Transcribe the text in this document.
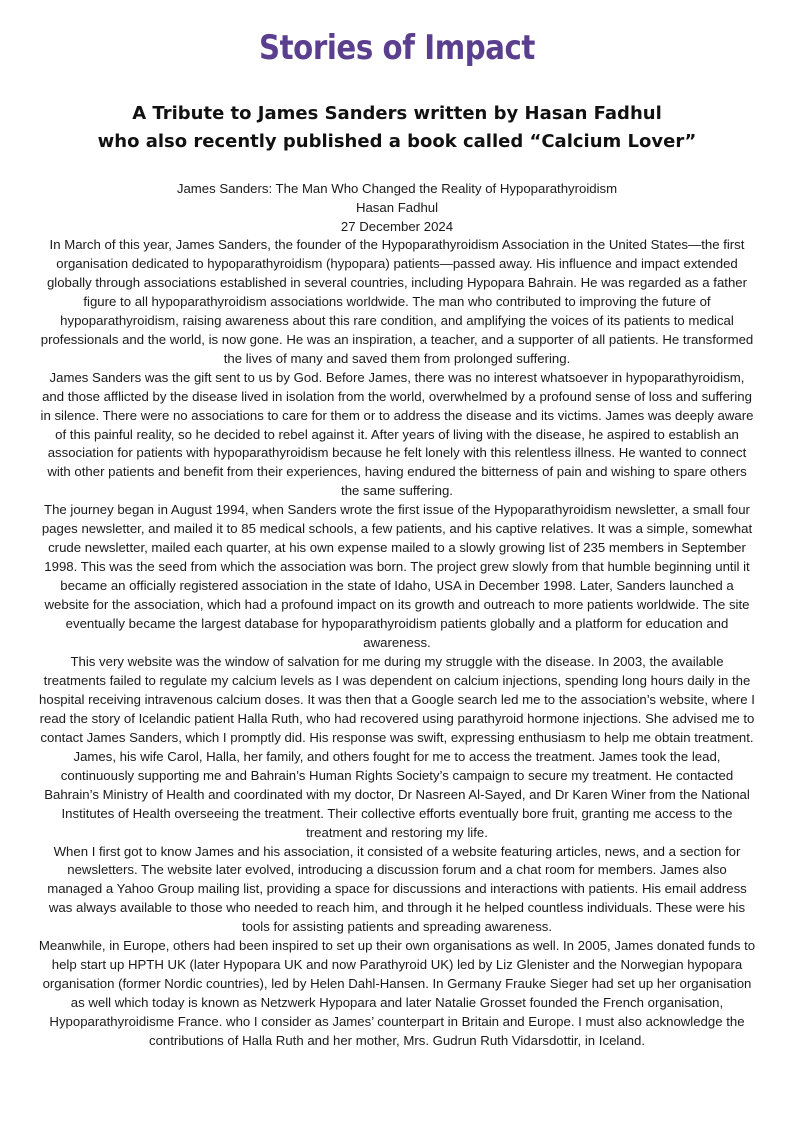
Stories of Impact
A Tribute to James Sanders written by Hasan Fadhul
who also recently published a book called “Calcium Lover”
James Sanders: The Man Who Changed the Reality of Hypoparathyroidism
Hasan Fadhul
27 December 2024

In March of this year, James Sanders, the founder of the Hypoparathyroidism Association in the United States—the first organisation dedicated to hypoparathyroidism (hypopara) patients—passed away. His influence and impact extended globally through associations established in several countries, including Hypopara Bahrain. He was regarded as a father figure to all hypoparathyroidism associations worldwide. The man who contributed to improving the future of hypoparathyroidism, raising awareness about this rare condition, and amplifying the voices of its patients to medical professionals and the world, is now gone. He was an inspiration, a teacher, and a supporter of all patients. He transformed the lives of many and saved them from prolonged suffering.

James Sanders was the gift sent to us by God. Before James, there was no interest whatsoever in hypoparathyroidism, and those afflicted by the disease lived in isolation from the world, overwhelmed by a profound sense of loss and suffering in silence. There were no associations to care for them or to address the disease and its victims. James was deeply aware of this painful reality, so he decided to rebel against it. After years of living with the disease, he aspired to establish an association for patients with hypoparathyroidism because he felt lonely with this relentless illness. He wanted to connect with other patients and benefit from their experiences, having endured the bitterness of pain and wishing to spare others the same suffering.

The journey began in August 1994, when Sanders wrote the first issue of the Hypoparathyroidism newsletter, a small four pages newsletter, and mailed it to 85 medical schools, a few patients, and his captive relatives. It was a simple, somewhat crude newsletter, mailed each quarter, at his own expense mailed to a slowly growing list of 235 members in September 1998. This was the seed from which the association was born. The project grew slowly from that humble beginning until it became an officially registered association in the state of Idaho, USA in December 1998. Later, Sanders launched a website for the association, which had a profound impact on its growth and outreach to more patients worldwide. The site eventually became the largest database for hypoparathyroidism patients globally and a platform for education and awareness.

This very website was the window of salvation for me during my struggle with the disease. In 2003, the available treatments failed to regulate my calcium levels as I was dependent on calcium injections, spending long hours daily in the hospital receiving intravenous calcium doses. It was then that a Google search led me to the association’s website, where I read the story of Icelandic patient Halla Ruth, who had recovered using parathyroid hormone injections. She advised me to contact James Sanders, which I promptly did. His response was swift, expressing enthusiasm to help me obtain treatment. James, his wife Carol, Halla, her family, and others fought for me to access the treatment. James took the lead, continuously supporting me and Bahrain’s Human Rights Society’s campaign to secure my treatment. He contacted Bahrain’s Ministry of Health and coordinated with my doctor, Dr Nasreen Al-Sayed, and Dr Karen Winer from the National Institutes of Health overseeing the treatment. Their collective efforts eventually bore fruit, granting me access to the treatment and restoring my life.

When I first got to know James and his association, it consisted of a website featuring articles, news, and a section for newsletters. The website later evolved, introducing a discussion forum and a chat room for members. James also managed a Yahoo Group mailing list, providing a space for discussions and interactions with patients. His email address was always available to those who needed to reach him, and through it he helped countless individuals. These were his tools for assisting patients and spreading awareness.

Meanwhile, in Europe, others had been inspired to set up their own organisations as well. In 2005, James donated funds to help start up HPTH UK (later Hypopara UK and now Parathyroid UK) led by Liz Glenister and the Norwegian hypopara organisation (former Nordic countries), led by Helen Dahl-Hansen. In Germany Frauke Sieger had set up her organisation as well which today is known as Netzwerk Hypopara and later Natalie Grosset founded the French organisation, Hypoparathyroidisme France. who I consider as James’ counterpart in Britain and Europe. I must also acknowledge the contributions of Halla Ruth and her mother, Mrs. Gudrun Ruth Vidarsdottir, in Iceland.
